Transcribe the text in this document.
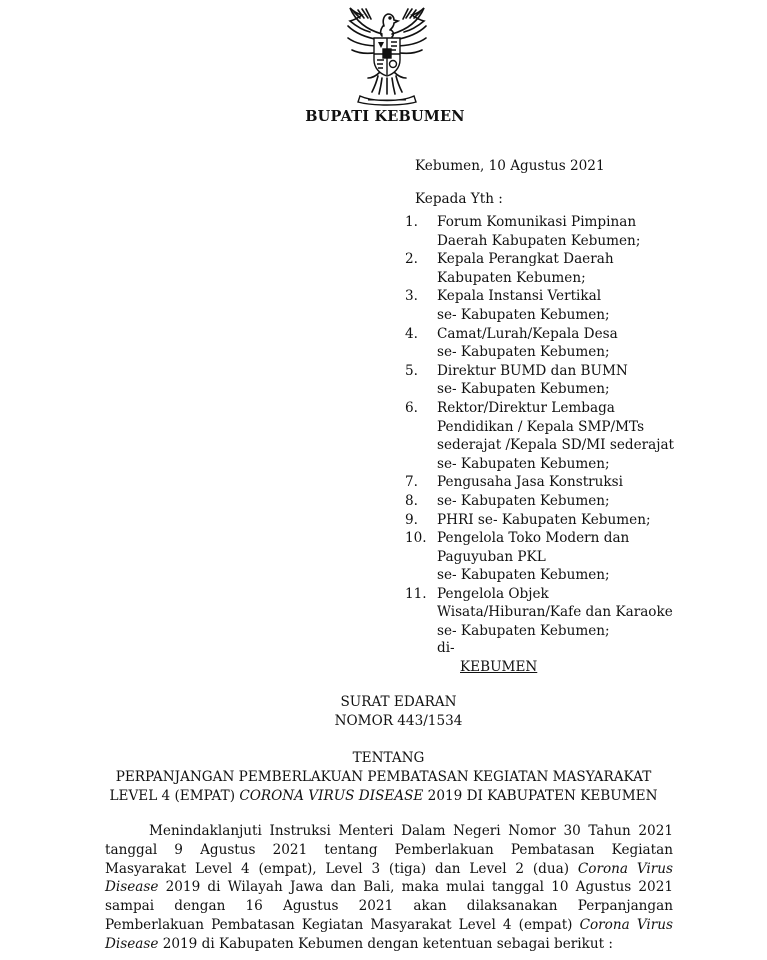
BUPATI KEBUMEN
Kebumen, 10 Agustus 2021
Kepada Yth :
1.	Forum Komunikasi Pimpinan
Daerah Kabupaten Kebumen;
2.	Kepala Perangkat Daerah
Kabupaten Kebumen;
3.	Kepala Instansi Vertikal
se- Kabupaten Kebumen;
4.	Camat/Lurah/Kepala Desa
se- Kabupaten Kebumen;
5.	Direktur BUMD dan BUMN
se- Kabupaten Kebumen;
6.	Rektor/Direktur Lembaga
Pendidikan / Kepala SMP/MTs
sederajat /Kepala SD/MI sederajat
se- Kabupaten Kebumen;
7.	Pengusaha Jasa Konstruksi
8.	se- Kabupaten Kebumen;
9.	PHRI se- Kabupaten Kebumen;
10. Pengelola Toko Modern dan
Paguyuban PKL
se- Kabupaten Kebumen;
11. Pengelola Objek
Wisata/Hiburan/Kafe dan Karaoke
se- Kabupaten Kebumen;
di-
KEBUMEN
SURAT EDARAN
NOMOR 443/1534
TENTANG
PERPANJANGAN PEMBERLAKUAN PEMBATASAN KEGIATAN MASYARAKAT
LEVEL 4 (EMPAT) CORONA VIRUS DISEASE 2019 DI KABUPATEN KEBUMEN
Menindaklanjuti Instruksi Menteri Dalam Negeri Nomor 30 Tahun 2021
tanggal 9 Agustus 2021 tentang Pemberlakuan Pembatasan Kegiatan
Masyarakat Level 4 (empat), Level 3 (tiga) dan Level 2 (dua) Corona Virus
Disease 2019 di Wilayah Jawa dan Bali, maka mulai tanggal 10 Agustus 2021
sampai dengan 16 Agustus 2021 akan dilaksanakan Perpanjangan
Pemberlakuan Pembatasan Kegiatan Masyarakat Level 4 (empat) Corona Virus
Disease 2019 di Kabupaten Kebumen dengan ketentuan sebagai berikut :
